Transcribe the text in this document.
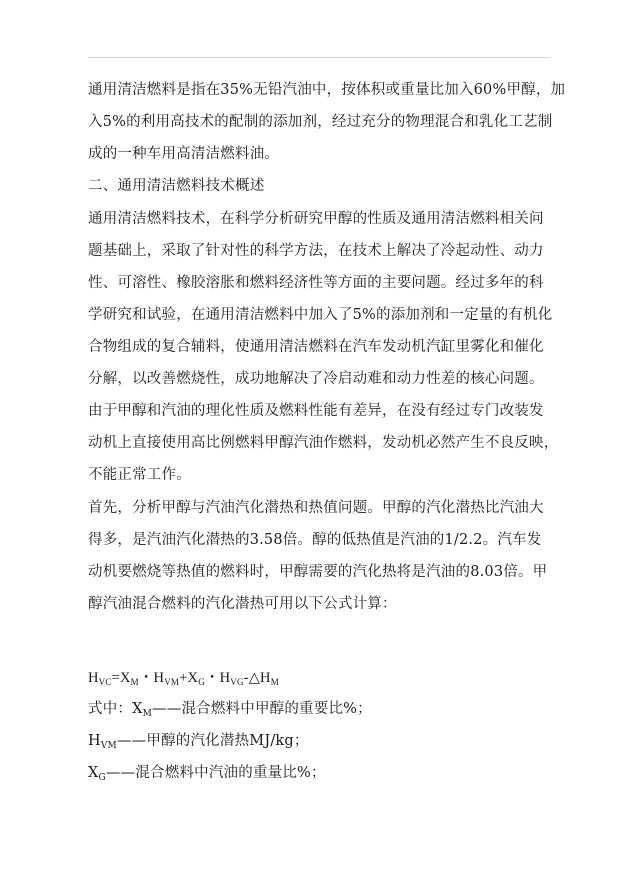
通用清洁燃料是指在35%无铅汽油中，按体积或重量比加入60%甲醇，加
入5%的利用高技术的配制的添加剂，经过充分的物理混合和乳化工艺制
成的一种车用高清洁燃料油。
二、通用清洁燃料技术概述
通用清洁燃料技术，在科学分析研究甲醇的性质及通用清洁燃料相关问
题基础上，采取了针对性的科学方法，在技术上解决了冷起动性、动力
性、可溶性、橡胶溶胀和燃料经济性等方面的主要问题。经过多年的科
学研究和试验，在通用清洁燃料中加入了5%的添加剂和一定量的有机化
合物组成的复合辅料，使通用清洁燃料在汽车发动机汽缸里雾化和催化
分解，以改善燃烧性，成功地解决了冷启动难和动力性差的核心问题。
由于甲醇和汽油的理化性质及燃料性能有差异，在没有经过专门改装发
动机上直接使用高比例燃料甲醇汽油作燃料，发动机必然产生不良反映，
不能正常工作。
首先，分析甲醇与汽油汽化潜热和热值问题。甲醇的汽化潜热比汽油大
得多，是汽油汽化潜热的3.58倍。醇的低热值是汽油的1/2.2。汽车发
动机要燃烧等热值的燃料时，甲醇需要的汽化热将是汽油的8.03倍。甲
醇汽油混合燃料的汽化潜热可用以下公式计算：
$H_{VC}=X_M$・$H_{VM}+X_G$・$H_{VG}-\triangle H_M$
式中：$X_M——$混合燃料中甲醇的重要比%；
$H_{VM}——$甲醇的汽化潜热MJ/kg；
$X_G——$混合燃料中汽油的重量比%；
